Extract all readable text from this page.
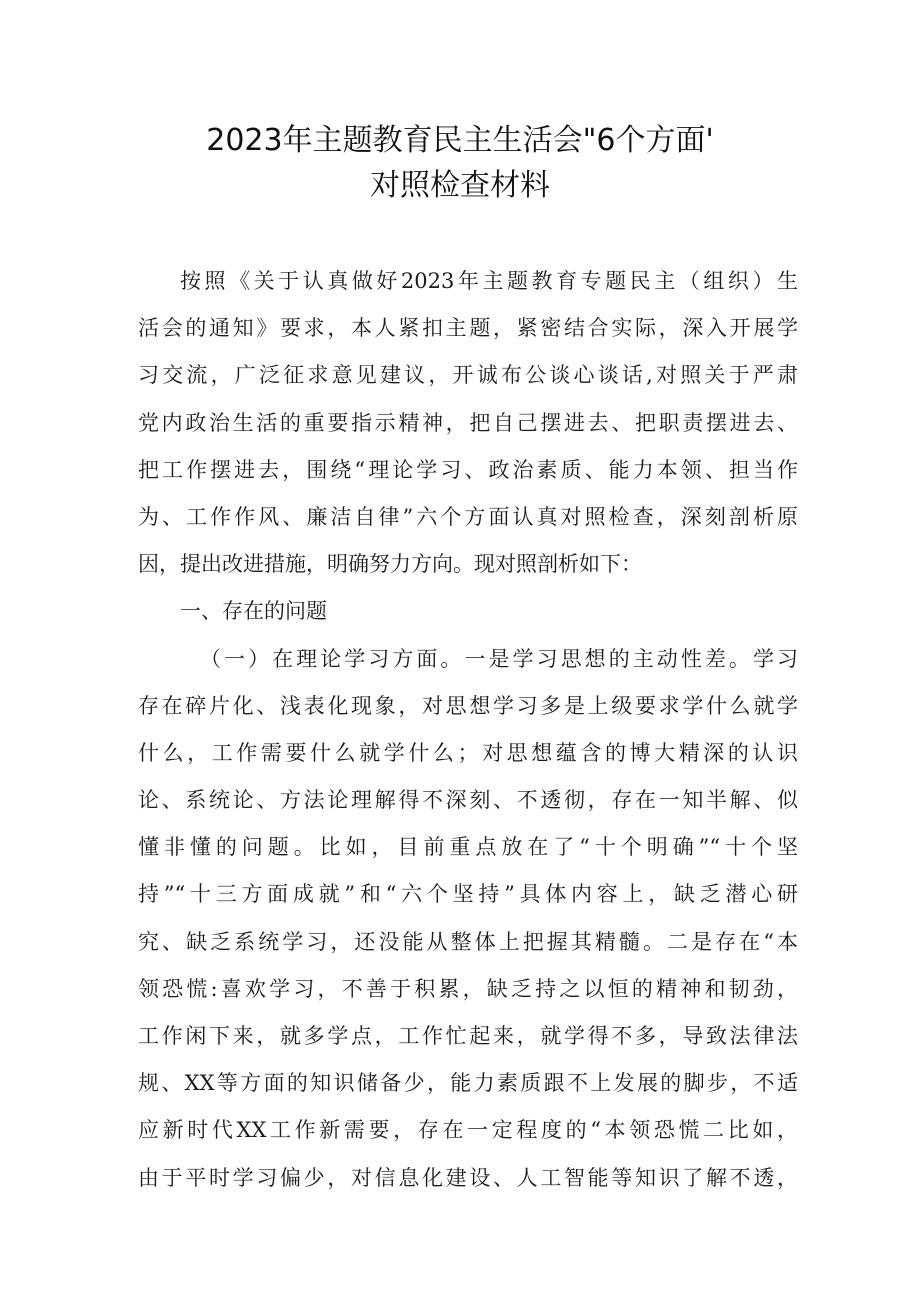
2023年主题教育民主生活会"6个方面'
对照检查材料
按照《关于认真做好2023年主题教育专题民主（组织）生
活会的通知》要求，本人紧扣主题，紧密结合实际，深入开展学
习交流，广泛征求意见建议，开诚布公谈心谈话,对照关于严肃
党内政治生活的重要指示精神，把自己摆进去、把职责摆进去、
把工作摆进去，围绕“理论学习、政治素质、能力本领、担当作
为、工作作风、廉洁自律”六个方面认真对照检查，深刻剖析原
因，提出改进措施，明确努力方向。现对照剖析如下：
一、存在的问题
（一）在理论学习方面。一是学习思想的主动性差。学习
存在碎片化、浅表化现象，对思想学习多是上级要求学什么就学
什么，工作需要什么就学什么；对思想蕴含的博大精深的认识
论、系统论、方法论理解得不深刻、不透彻，存在一知半解、似
懂非懂的问题。比如，目前重点放在了“十个明确”“十个坚
持”“十三方面成就”和“六个坚持”具体内容上，缺乏潜心研
究、缺乏系统学习，还没能从整体上把握其精髓。二是存在“本
领恐慌:喜欢学习，不善于积累，缺乏持之以恒的精神和韧劲，
工作闲下来，就多学点，工作忙起来，就学得不多，导致法律法
规、XX等方面的知识储备少，能力素质跟不上发展的脚步，不适
应新时代XX工作新需要，存在一定程度的“本领恐慌二比如，
由于平时学习偏少，对信息化建设、人工智能等知识了解不透，
